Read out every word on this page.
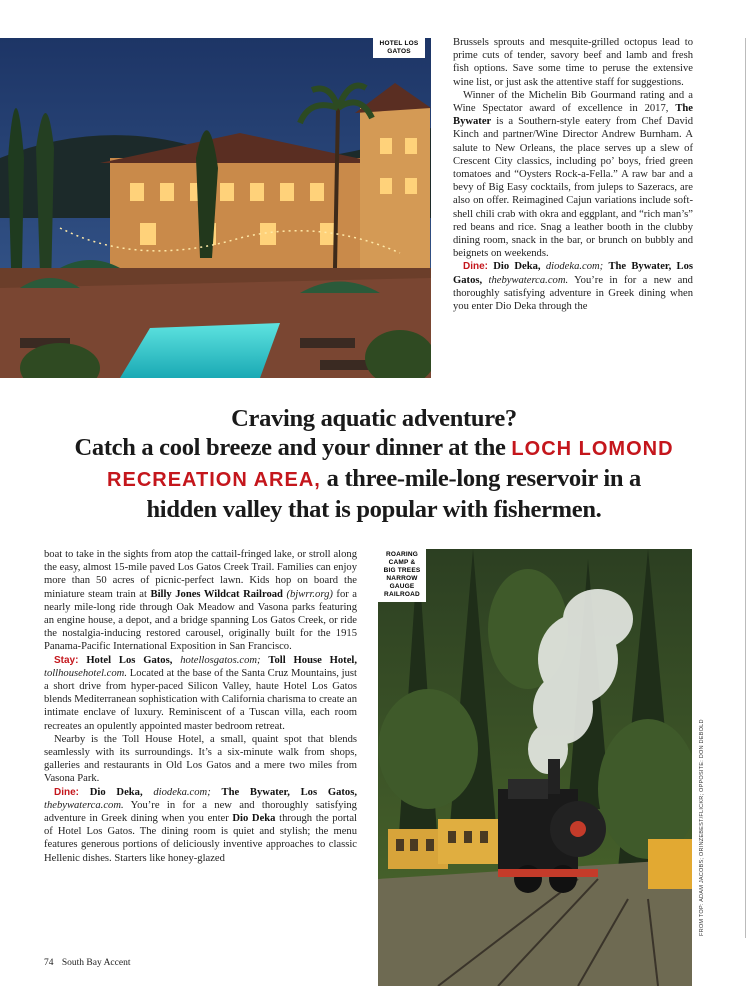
HOTEL LOS
GATOS

Brussels sprouts and mesquite-grilled octopus lead to prime cuts of tender, savory beef and lamb and fresh fish options. Save some time to peruse the extensive wine list, or just ask the attentive staff for suggestions.

Winner of the Michelin Bib Gourmand rating and a Wine Spectator award of excellence in 2017, The Bywater is a Southern-style eatery from Chef David Kinch and partner/Wine Director Andrew Burnham. A salute to New Orleans, the place serves up a slew of Crescent City classics, including po’ boys, fried green tomatoes and “Oysters Rock-a-Fella.” A raw bar and a bevy of Big Easy cocktails, from juleps to Sazeracs, are also on offer. Reimagined Cajun variations include soft-shell chili crab with okra and eggplant, and “rich man’s” red beans and rice. Snag a leather booth in the clubby dining room, snack in the bar, or brunch on bubbly and beignets on weekends.

Dine: Dio Deka, diodeka.com; The Bywater, Los Gatos, thebywaterca.com. You’re in for a new and thoroughly satisfying adventure in Greek dining when you enter Dio Deka through the

Craving aquatic adventure?
Catch a cool breeze and your dinner at the LOCH LOMOND
RECREATION AREA, a three-mile-long reservoir in a
hidden valley that is popular with fishermen.

boat to take in the sights from atop the cattail-fringed lake, or stroll along the easy, almost 15-mile paved Los Gatos Creek Trail. Families can enjoy more than 50 acres of picnic-perfect lawn. Kids hop on board the miniature steam train at Billy Jones Wildcat Railroad (bjwrr.org) for a nearly mile-long ride through Oak Meadow and Vasona parks featuring an engine house, a depot, and a bridge spanning Los Gatos Creek, or ride the nostalgia-inducing restored carousel, originally built for the 1915 Panama-Pacific International Exposition in San Francisco.

Stay: Hotel Los Gatos, hotellosgatos.com; Toll House Hotel, tollhousehotel.com. Located at the base of the Santa Cruz Mountains, just a short drive from hyper-paced Silicon Valley, haute Hotel Los Gatos blends Mediterranean sophistication with California charisma to create an intimate enclave of luxury. Reminiscent of a Tuscan villa, each room recreates an opulently appointed master bedroom retreat.

Nearby is the Toll House Hotel, a small, quaint spot that blends seamlessly with its surroundings. It’s a six-minute walk from shops, galleries and restaurants in Old Los Gatos and a mere two miles from Vasona Park.

Dine: Dio Deka, diodeka.com; The Bywater, Los Gatos, thebywaterca.com. You’re in for a new and thoroughly satisfying adventure in Greek dining when you enter Dio Deka through the portal of Hotel Los Gatos. The dining room is quiet and stylish; the menu features generous portions of deliciously inventive approaches to classic Hellenic dishes. Starters like honey-glazed

ROARING
CAMP &
BIG TREES
NARROW
GAUGE
RAILROAD
FROM TOP: ADAM JACOBS; ORINZEBEST/FLICKR; OPPOSITE: DON DEBOLD
74 South Bay Accent
